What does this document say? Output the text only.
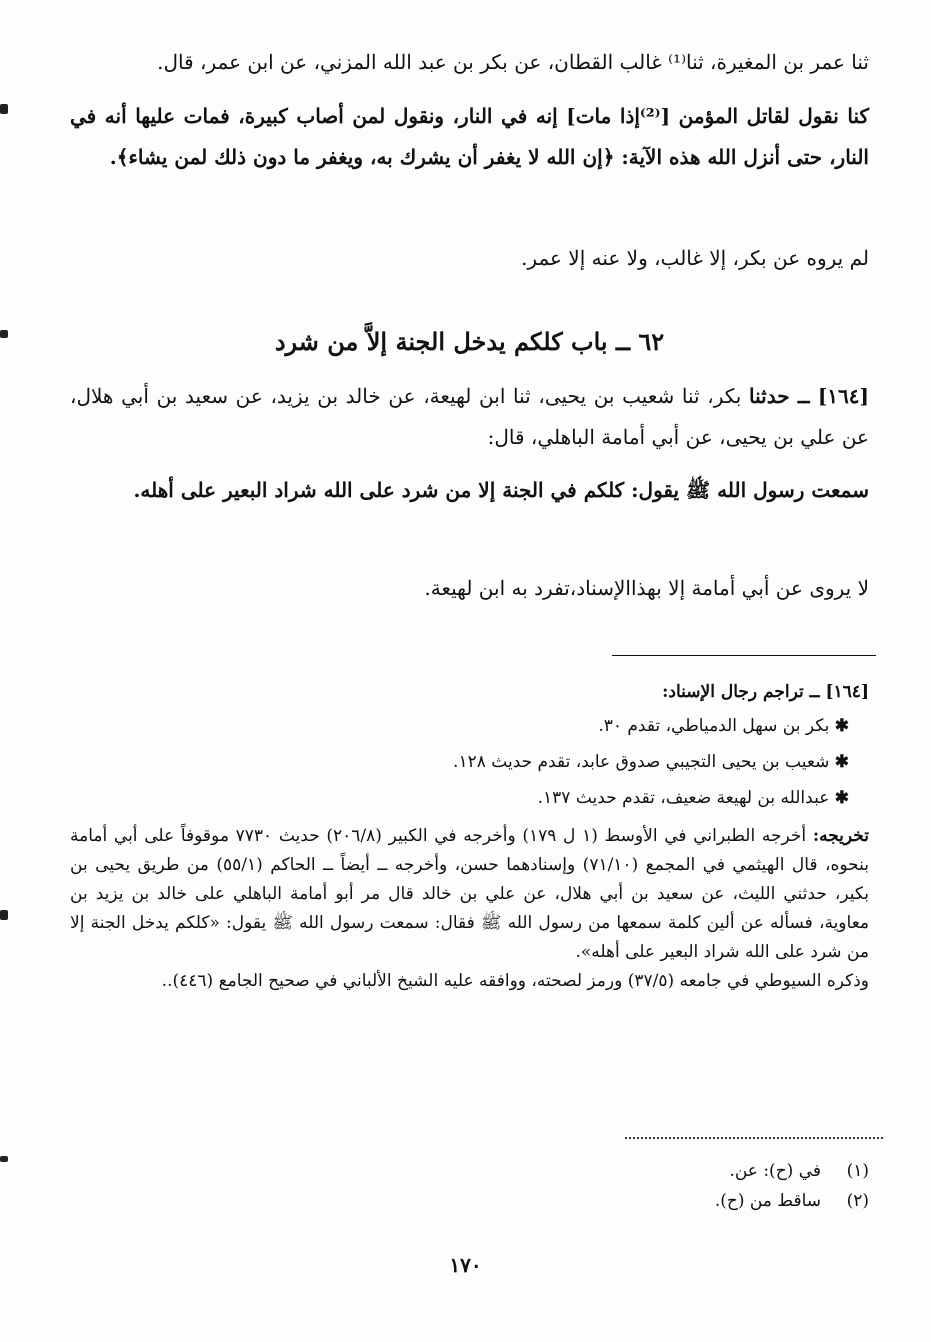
ثنا عمر بن المغيرة، ثنا⁽¹⁾ غالب القطان، عن بكر بن عبد الله المزني، عن ابن عمر، قال.

كنا نقول لقاتل المؤمن [⁽²⁾إذا مات] إنه في النار، ونقول لمن أصاب كبيرة، فمات عليها أنه في النار، حتى أنزل الله هذه الآية: ﴿إن الله لا يغفر أن يشرك به، ويغفر ما دون ذلك لمن يشاء﴾.

لم يروه عن بكر، إلا غالب، ولا عنه إلا عمر.

٦٢ ــ باب كلكم يدخل الجنة إلاَّ من شرد

[١٦٤] ــ حدثنا بكر، ثنا شعيب بن يحيى، ثنا ابن لهيعة، عن خالد بن يزيد، عن سعيد بن أبي هلال، عن علي بن يحيى، عن أبي أمامة الباهلي، قال:

سمعت رسول الله ﷺ يقول: كلكم في الجنة إلا من شرد على الله شراد البعير على أهله.

لا يروى عن أبي أمامة إلا بهذاالإسناد،تفرد به ابن لهيعة.

[١٦٤] ــ تراجم رجال الإسناد:

✱ بكر بن سهل الدمياطي، تقدم ٣٠.

✱ شعيب بن يحيى التجيبي صدوق عابد، تقدم حديث ١٢٨.

✱ عبدالله بن لهيعة ضعيف، تقدم حديث ١٣٧.

تخريجه: أخرجه الطبراني في الأوسط (١ ل ١٧٩) وأخرجه في الكبير (٢٠٦/٨) حديث ٧٧٣٠ موقوفاً على أبي أمامة بنحوه، قال الهيثمي في المجمع (٧١/١٠) وإسنادهما حسن، وأخرجه ــ أيضاً ــ الحاكم (٥٥/١) من طريق يحيى بن بكير، حدثني الليث، عن سعيد بن أبي هلال، عن علي بن خالد قال مر أبو أمامة الباهلي على خالد بن يزيد بن معاوية، فسأله عن ألين كلمة سمعها من رسول الله ﷺ فقال: سمعت رسول الله ﷺ يقول: «كلكم يدخل الجنة إلا من شرد على الله شراد البعير على أهله».

وذكره السيوطي في جامعه (٣٧/٥) ورمز لصحته، ووافقه عليه الشيخ الألباني في صحيح الجامع (٤٤٦)..

(١)
في (ح): عن.
(٢)
ساقط من (ح).
١٧٠
